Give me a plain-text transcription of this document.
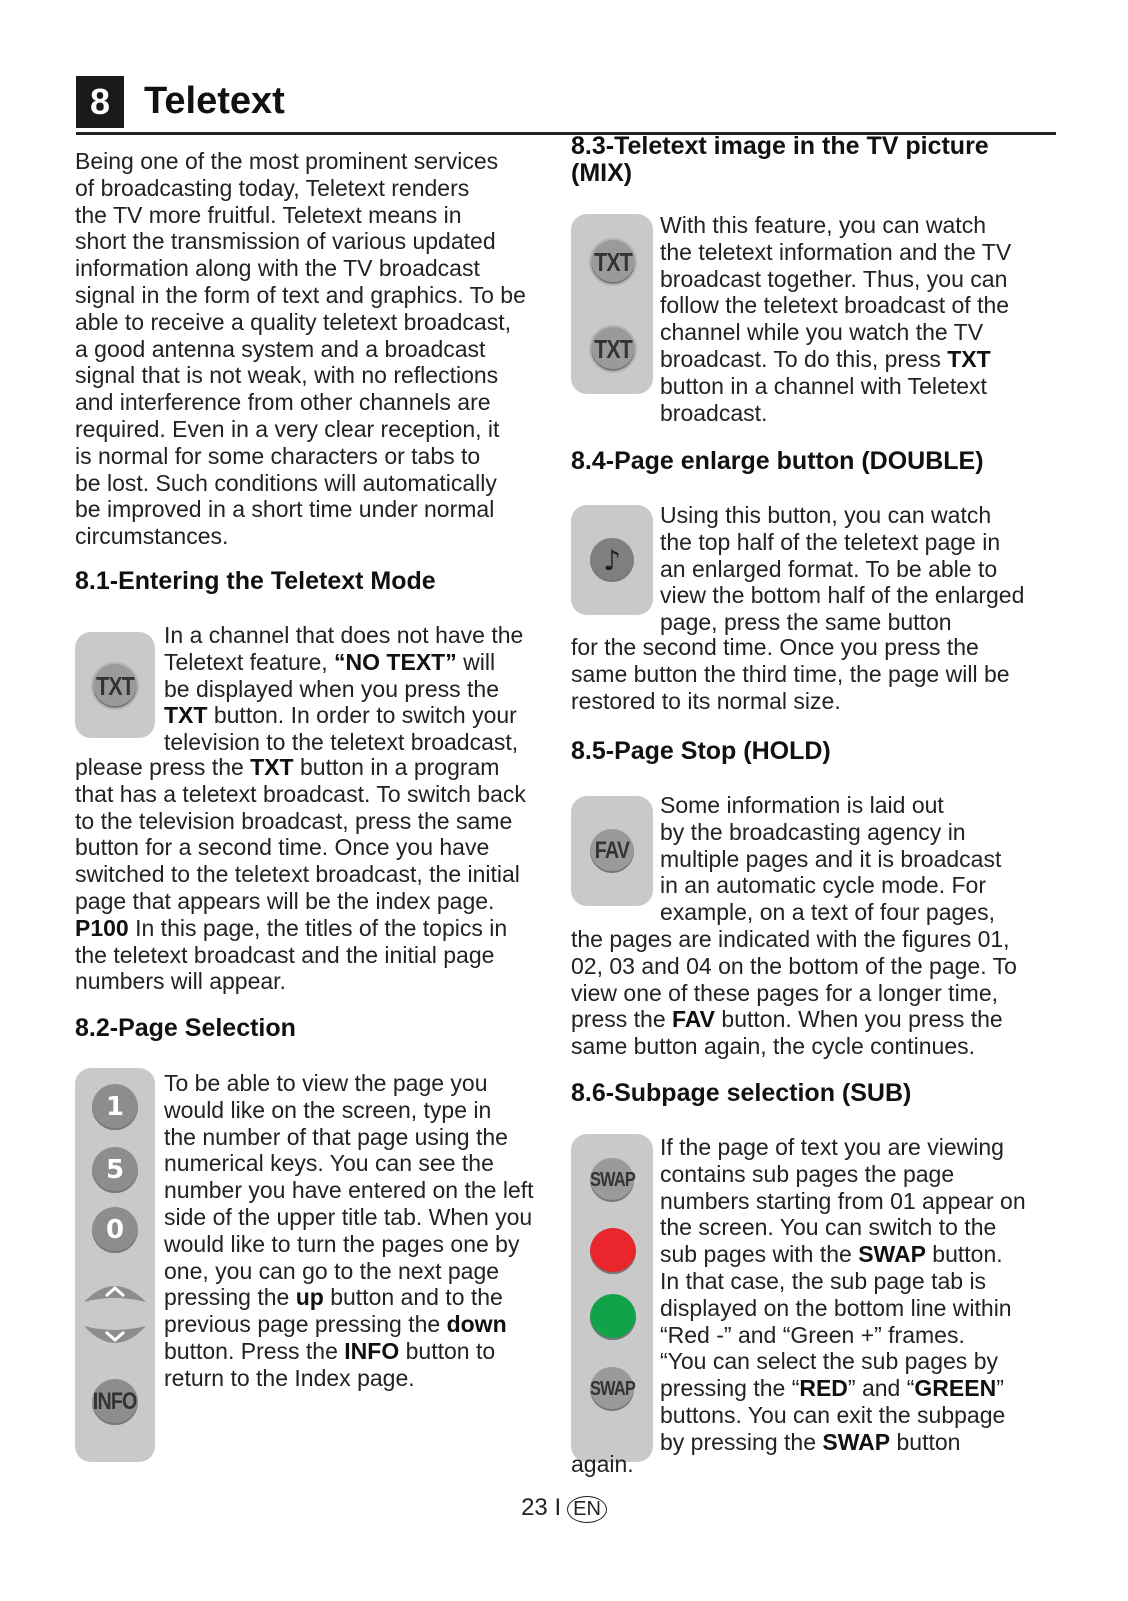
8 Teletext

Being one of the most prominent services

of broadcasting today, Teletext renders

the TV more fruitful. Teletext means in

short the transmission of various updated

information along with the TV broadcast

signal in the form of text and graphics. To be

able to receive a quality teletext broadcast,

a good antenna system and a broadcast

signal that is not weak, with no reflections

and interference from other channels are

required. Even in a very clear reception, it

is normal for some characters or tabs to

be lost. Such conditions will automatically

be improved in a short time under normal

circumstances.

8.1-Entering the Teletext Mode
TXT

In a channel that does not have the

Teletext feature, “NO TEXT” will

be displayed when you press the

TXT button. In order to switch your

television to the teletext broadcast,

please press the TXT button in a program

that has a teletext broadcast. To switch back

to the television broadcast, press the same

button for a second time. Once you have

switched to the teletext broadcast, the initial

page that appears will be the index page.

P100 In this page, the titles of the topics in

the teletext broadcast and the initial page

numbers will appear.

8.2-Page Selection
1
5
0
INFO

To be able to view the page you

would like on the screen, type in

the number of that page using the

numerical keys. You can see the

number you have entered on the left

side of the upper title tab. When you

would like to turn the pages one by

one, you can go to the next page

pressing the up button and to the

previous page pressing the down

button. Press the INFO button to

return to the Index page.

8.3-Teletext image in the TV picture
(MIX)
TXT
TXT

With this feature, you can watch

the teletext information and the TV

broadcast together. Thus, you can

follow the teletext broadcast of the

channel while you watch the TV

broadcast. To do this, press TXT

button in a channel with Teletext

broadcast.

8.4-Page enlarge button (DOUBLE)
♪

Using this button, you can watch

the top half of the teletext page in

an enlarged format. To be able to

view the bottom half of the enlarged

page, press the same button

for the second time. Once you press the

same button the third time, the page will be

restored to its normal size.

8.5-Page Stop (HOLD)
FAV

Some information is laid out

by the broadcasting agency in

multiple pages and it is broadcast

in an automatic cycle mode. For

example, on a text of four pages,

the pages are indicated with the figures 01,

02, 03 and 04 on the bottom of the page. To

view one of these pages for a longer time,

press the FAV button. When you press the

same button again, the cycle continues.

8.6-Subpage selection (SUB)
SWAP
SWAP

If the page of text you are viewing

contains sub pages the page

numbers starting from 01 appear on

the screen. You can switch to the

sub pages with the SWAP button.

In that case, the sub page tab is

displayed on the bottom line within

“Red -” and “Green +” frames.

“You can select the sub pages by

pressing the “RED” and “GREEN”

buttons. You can exit the subpage

by pressing the SWAP button

again.

23 I EN
